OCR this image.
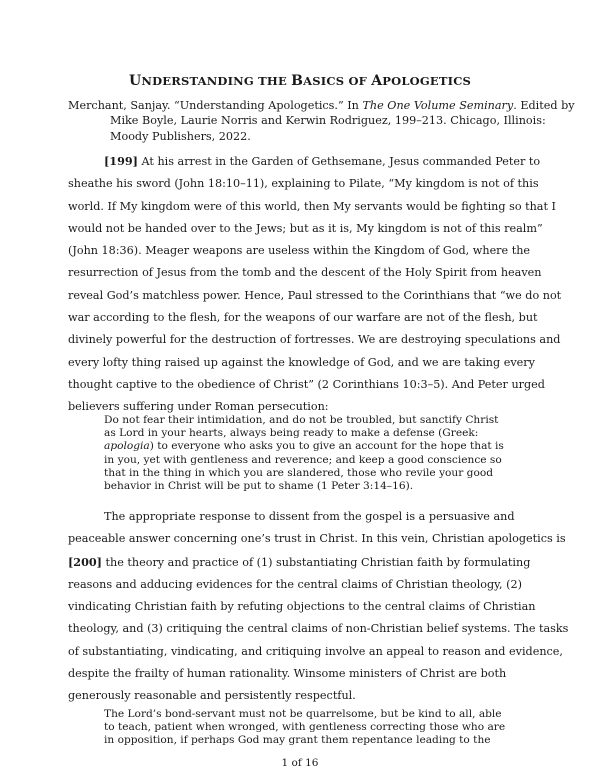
UNDERSTANDING THE BASICS OF APOLOGETICS
Merchant, Sanjay. “Understanding Apologetics.” In The One Volume Seminary. Edited by Mike Boyle, Laurie Norris and Kerwin Rodriguez, 199–213. Chicago, Illinois: Moody Publishers, 2022.
[199] At his arrest in the Garden of Gethsemane, Jesus commanded Peter to
sheathe his sword (John 18:10–11), explaining to Pilate, “My kingdom is not of this
world. If My kingdom were of this world, then My servants would be fighting so that I
would not be handed over to the Jews; but as it is, My kingdom is not of this realm”
(John 18:36). Meager weapons are useless within the Kingdom of God, where the
resurrection of Jesus from the tomb and the descent of the Holy Spirit from heaven
reveal God’s matchless power. Hence, Paul stressed to the Corinthians that “we do not
war according to the flesh, for the weapons of our warfare are not of the flesh, but
divinely powerful for the destruction of fortresses. We are destroying speculations and
every lofty thing raised up against the knowledge of God, and we are taking every
thought captive to the obedience of Christ” (2 Corinthians 10:3–5). And Peter urged
believers suffering under Roman persecution:
Do not fear their intimidation, and do not be troubled, but sanctify Christ
as Lord in your hearts, always being ready to make a defense (Greek:
apologia) to everyone who asks you to give an account for the hope that is
in you, yet with gentleness and reverence; and keep a good conscience so
that in the thing in which you are slandered, those who revile your good
behavior in Christ will be put to shame (1 Peter 3:14–16).
The appropriate response to dissent from the gospel is a persuasive and
peaceable answer concerning one’s trust in Christ. In this vein, Christian apologetics is
[200] the theory and practice of (1) substantiating Christian faith by formulating
reasons and adducing evidences for the central claims of Christian theology, (2)
vindicating Christian faith by refuting objections to the central claims of Christian
theology, and (3) critiquing the central claims of non-Christian belief systems. The tasks
of substantiating, vindicating, and critiquing involve an appeal to reason and evidence,
despite the frailty of human rationality. Winsome ministers of Christ are both
generously reasonable and persistently respectful.
The Lord’s bond-servant must not be quarrelsome, but be kind to all, able
to teach, patient when wronged, with gentleness correcting those who are
in opposition, if perhaps God may grant them repentance leading to the
1 of 16
